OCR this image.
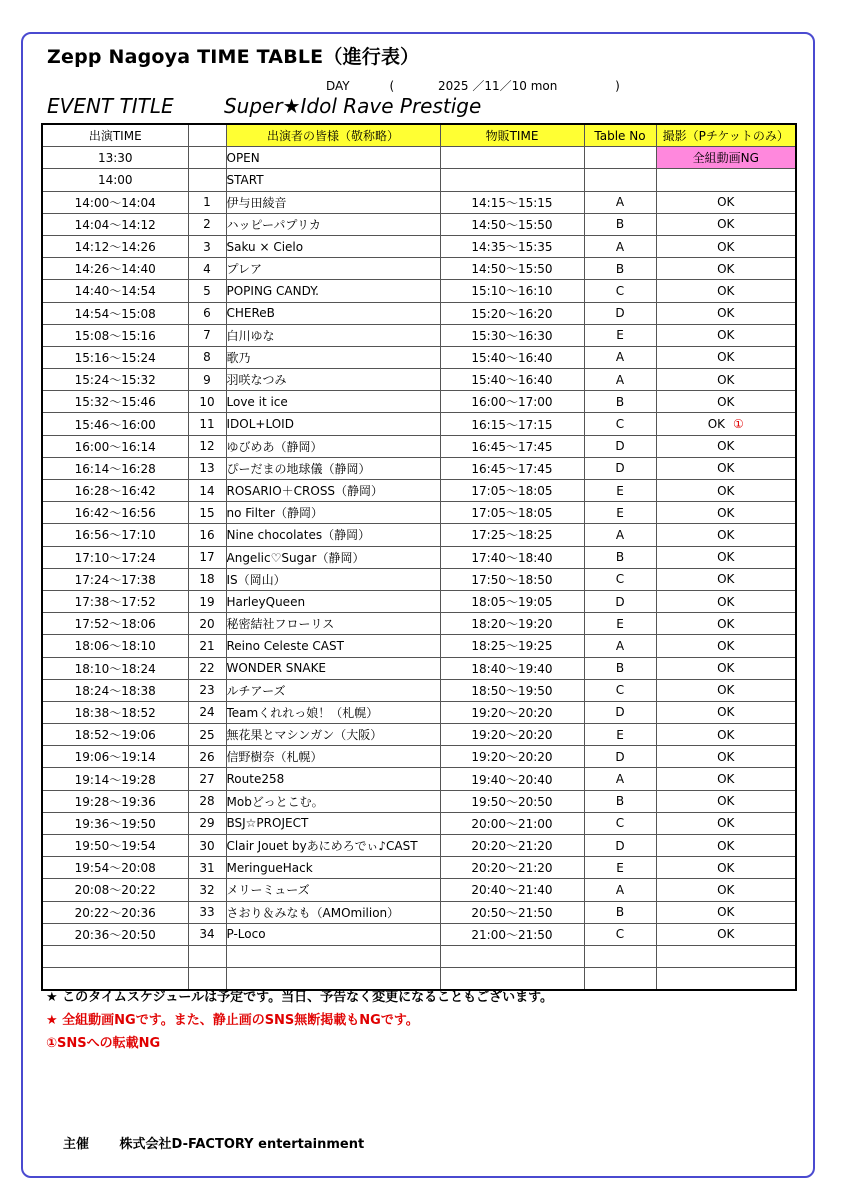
Zepp Nagoya TIME TABLE（進行表）
DAY	(	2025 ／11／10 mon	)
EVENT TITLE	Super★Idol Rave Prestige
出演TIME		出演者の皆様（敬称略）	物販TIME	Table No	撮影（Pチケットのみ）
13:30		OPEN			全組動画NG
14:00		START			
14:00～14:04	1	伊与田綾音	14:15～15:15	A	OK
14:04～14:12	2	ハッピーパプリカ	14:50～15:50	B	OK
14:12～14:26	3	Saku × Cielo	14:35～15:35	A	OK
14:26～14:40	4	プレア	14:50～15:50	B	OK
14:40～14:54	5	POPING CANDY.	15:10～16:10	C	OK
14:54～15:08	6	CHEReB	15:20～16:20	D	OK
15:08～15:16	7	白川ゆな	15:30～16:30	E	OK
15:16～15:24	8	歌乃	15:40～16:40	A	OK
15:24～15:32	9	羽咲なつみ	15:40～16:40	A	OK
15:32～15:46	10	Love it ice	16:00～17:00	B	OK
15:46～16:00	11	IDOL+LOID	16:15～17:15	C	OK ①
16:00～16:14	12	ゆびめあ（静岡）	16:45～17:45	D	OK
16:14～16:28	13	ぴーだまの地球儀（静岡）	16:45～17:45	D	OK
16:28～16:42	14	ROSARIO＋CROSS（静岡）	17:05～18:05	E	OK
16:42～16:56	15	no Filter（静岡）	17:05～18:05	E	OK
16:56～17:10	16	Nine chocolates（静岡）	17:25～18:25	A	OK
17:10～17:24	17	Angelic♡Sugar（静岡）	17:40～18:40	B	OK
17:24～17:38	18	IS（岡山）	17:50～18:50	C	OK
17:38～17:52	19	HarleyQueen	18:05～19:05	D	OK
17:52～18:06	20	秘密結社フローリス	18:20～19:20	E	OK
18:06～18:10	21	Reino Celeste CAST	18:25～19:25	A	OK
18:10～18:24	22	WONDER SNAKE	18:40～19:40	B	OK
18:24～18:38	23	ルチアーズ	18:50～19:50	C	OK
18:38～18:52	24	Teamくれれっ娘！（札幌）	19:20～20:20	D	OK
18:52～19:06	25	無花果とマシンガン（大阪）	19:20～20:20	E	OK
19:06～19:14	26	信野樹奈（札幌）	19:20～20:20	D	OK
19:14～19:28	27	Route258	19:40～20:40	A	OK
19:28～19:36	28	Mobどっとこむ。	19:50～20:50	B	OK
19:36～19:50	29	BSJ☆PROJECT	20:00～21:00	C	OK
19:50～19:54	30	Clair Jouet byあにめろでぃ♪CAST	20:20～21:20	D	OK
19:54～20:08	31	MeringueHack	20:20～21:20	E	OK
20:08～20:22	32	メリーミューズ	20:40～21:40	A	OK
20:22～20:36	33	さおり＆みなも（AMOmilion）	20:50～21:50	B	OK
20:36～20:50	34	P-Loco	21:00～21:50	C	OK

★ このタイムスケジュールは予定です。当日、予告なく変更になることもございます。
★ 全組動画NGです。また、静止画のSNS無断掲載もNGです。
①SNSへの転載NG
主催 株式会社D-FACTORY entertainment
